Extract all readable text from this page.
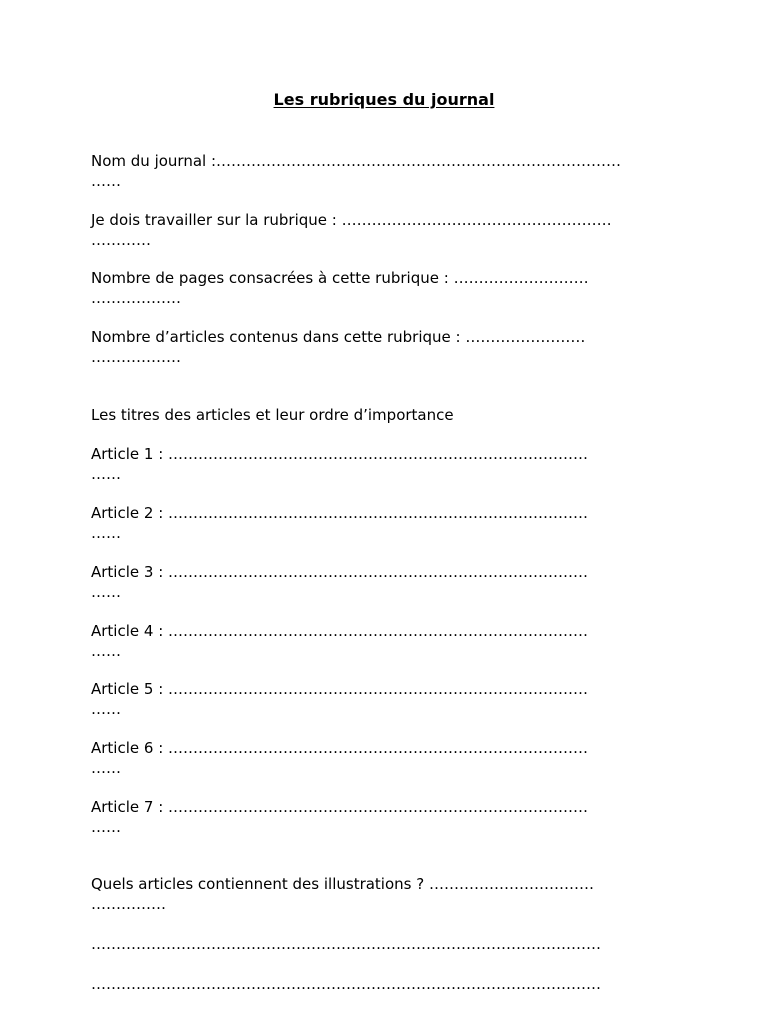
Les rubriques du journal
Nom du journal :………………………………………………………………………
……
Je dois travailler sur la rubrique : ………………………………………………
…………
Nombre de pages consacrées à cette rubrique : ………………………
………………
Nombre d’articles contenus dans cette rubrique : ……………………
………………
Les titres des articles et leur ordre d’importance
Article 1 : …………………………………………………………………………
……
Article 2 : …………………………………………………………………………
……
Article 3 : …………………………………………………………………………
……
Article 4 : …………………………………………………………………………
……
Article 5 : …………………………………………………………………………
……
Article 6 : …………………………………………………………………………
……
Article 7 : …………………………………………………………………………
……
Quels articles contiennent des illustrations ? ……………………………
……………
…………………………………………………………………………………………
…………………………………………………………………………………………
